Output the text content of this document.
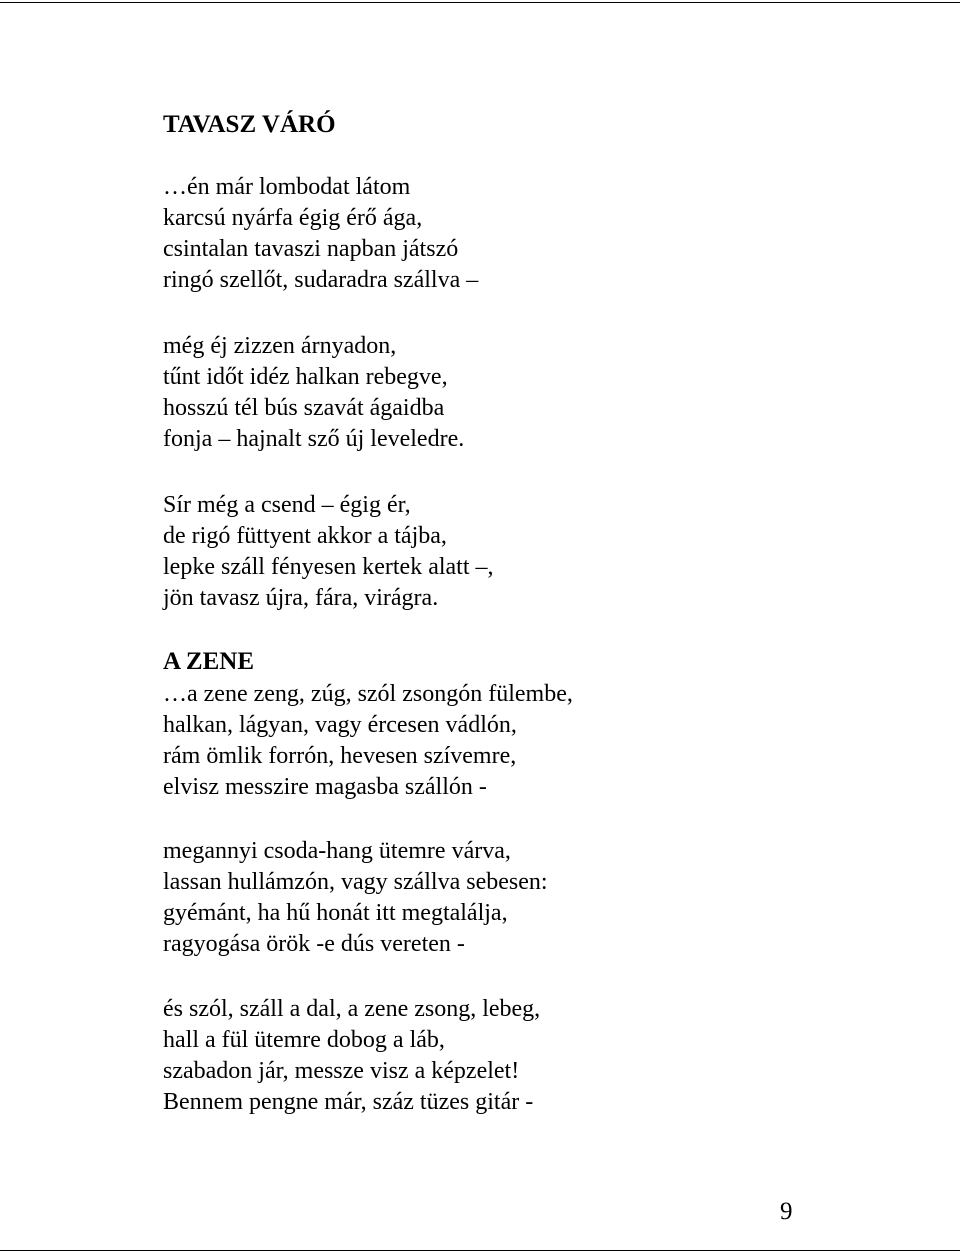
TAVASZ VÁRÓ
…én már lombodat látom
karcsú nyárfa égig érő ága,
csintalan tavaszi napban játszó
ringó szellőt, sudaradra szállva –
még éj zizzen árnyadon,
tűnt időt idéz halkan rebegve,
hosszú tél bús szavát ágaidba
fonja – hajnalt sző új leveledre.
Sír még a csend – égig ér,
de rigó füttyent akkor a tájba,
lepke száll fényesen kertek alatt –,
jön tavasz újra, fára, virágra.
A ZENE
…a zene zeng, zúg, szól zsongón fülembe,
halkan, lágyan, vagy ércesen vádlón,
rám ömlik forrón, hevesen szívemre,
elvisz messzire magasba szállón -
megannyi csoda-hang ütemre várva,
lassan hullámzón, vagy szállva sebesen:
gyémánt, ha hű honát itt megtalálja,
ragyogása örök -e dús vereten -
és szól, száll a dal, a zene zsong, lebeg,
hall a fül ütemre dobog a láb,
szabadon jár, messze visz a képzelet!
Bennem pengne már, száz tüzes gitár -
9
